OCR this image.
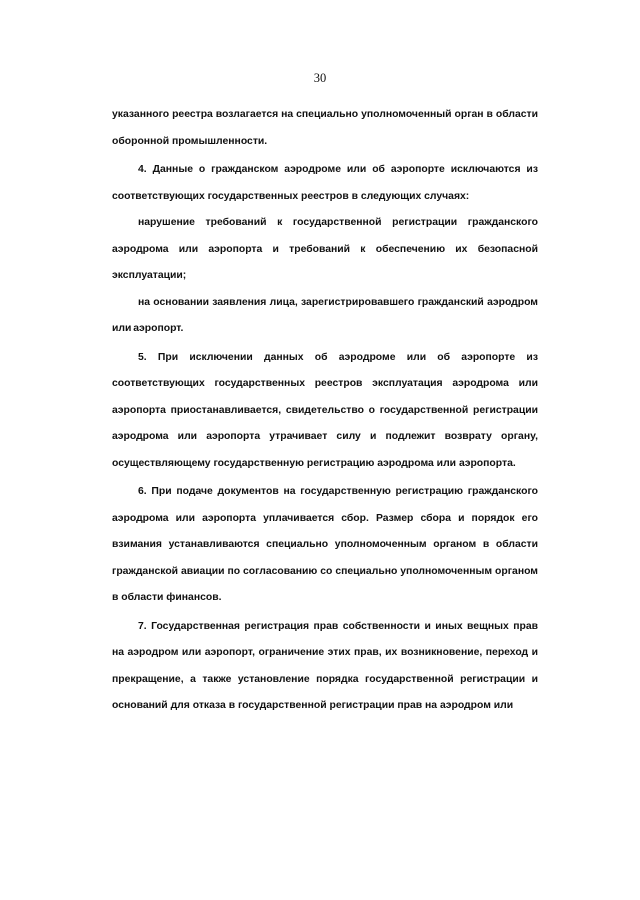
30

указанного реестра возлагается на специально уполномоченный орган в области оборонной промышленности.

4. Данные о гражданском аэродроме или об аэропорте исключаются из соответствующих государственных реестров в следующих случаях:

нарушение требований к государственной регистрации гражданского аэродрома или аэропорта и требований к обеспечению их безопасной эксплуатации;

на основании заявления лица, зарегистрировавшего гражданский аэродром или аэропорт.

5. При исключении данных об аэродроме или об аэропорте из соответствующих государственных реестров эксплуатация аэродрома или аэропорта приостанавливается, свидетельство о государственной регистрации аэродрома или аэропорта утрачивает силу и подлежит возврату органу, осуществляющему государственную регистрацию аэродрома или аэропорта.

6. При подаче документов на государственную регистрацию гражданского аэродрома или аэропорта уплачивается сбор. Размер сбора и порядок его взимания устанавливаются специально уполномоченным органом в области гражданской авиации по согласованию со специально уполномоченным органом в области финансов.

7. Государственная регистрация прав собственности и иных вещных прав на аэродром или аэропорт, ограничение этих прав, их возникновение, переход и прекращение, а также установление порядка государственной регистрации и оснований для отказа в государственной регистрации прав на аэродром или
